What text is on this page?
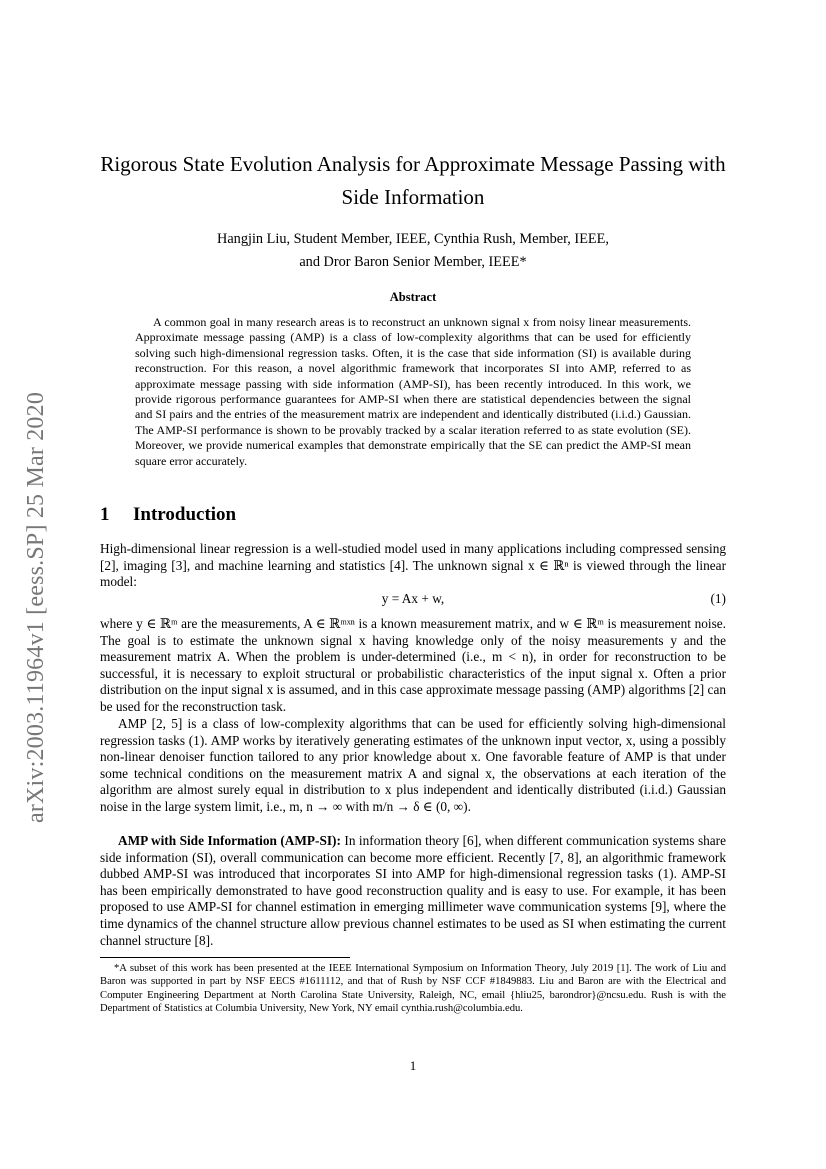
arXiv:2003.11964v1 [eess.SP] 25 Mar 2020
Rigorous State Evolution Analysis for Approximate Message Passing with Side Information
Hangjin Liu, Student Member, IEEE, Cynthia Rush, Member, IEEE,
and Dror Baron Senior Member, IEEE*
Abstract

A common goal in many research areas is to reconstruct an unknown signal x from noisy linear measurements. Approximate message passing (AMP) is a class of low-complexity algorithms that can be used for efficiently solving such high-dimensional regression tasks. Often, it is the case that side information (SI) is available during reconstruction. For this reason, a novel algorithmic framework that incorporates SI into AMP, referred to as approximate message passing with side information (AMP-SI), has been recently introduced. In this work, we provide rigorous performance guarantees for AMP-SI when there are statistical dependencies between the signal and SI pairs and the entries of the measurement matrix are independent and identically distributed (i.i.d.) Gaussian. The AMP-SI performance is shown to be provably tracked by a scalar iteration referred to as state evolution (SE). Moreover, we provide numerical examples that demonstrate empirically that the SE can predict the AMP-SI mean square error accurately.

1 Introduction

High-dimensional linear regression is a well-studied model used in many applications including compressed sensing [2], imaging [3], and machine learning and statistics [4]. The unknown signal x ∈ ℝⁿ is viewed through the linear model:

y = Ax + w,	(1)

where y ∈ ℝᵐ are the measurements, A ∈ ℝᵐˣⁿ is a known measurement matrix, and w ∈ ℝᵐ is measurement noise. The goal is to estimate the unknown signal x having knowledge only of the noisy measurements y and the measurement matrix A. When the problem is under-determined (i.e., m < n), in order for reconstruction to be successful, it is necessary to exploit structural or probabilistic characteristics of the input signal x. Often a prior distribution on the input signal x is assumed, and in this case approximate message passing (AMP) algorithms [2] can be used for the reconstruction task.

AMP [2, 5] is a class of low-complexity algorithms that can be used for efficiently solving high-dimensional regression tasks (1). AMP works by iteratively generating estimates of the unknown input vector, x, using a possibly non-linear denoiser function tailored to any prior knowledge about x. One favorable feature of AMP is that under some technical conditions on the measurement matrix A and signal x, the observations at each iteration of the algorithm are almost surely equal in distribution to x plus independent and identically distributed (i.i.d.) Gaussian noise in the large system limit, i.e., m, n → ∞ with m/n → δ ∈ (0, ∞).

AMP with Side Information (AMP-SI): In information theory [6], when different communication systems share side information (SI), overall communication can become more efficient. Recently [7, 8], an algorithmic framework dubbed AMP-SI was introduced that incorporates SI into AMP for high-dimensional regression tasks (1). AMP-SI has been empirically demonstrated to have good reconstruction quality and is easy to use. For example, it has been proposed to use AMP-SI for channel estimation in emerging millimeter wave communication systems [9], where the time dynamics of the channel structure allow previous channel estimates to be used as SI when estimating the current channel structure [8].

*A subset of this work has been presented at the IEEE International Symposium on Information Theory, July 2019 [1]. The work of Liu and Baron was supported in part by NSF EECS #1611112, and that of Rush by NSF CCF #1849883. Liu and Baron are with the Electrical and Computer Engineering Department at North Carolina State University, Raleigh, NC, email {hliu25, barondror}@ncsu.edu. Rush is with the Department of Statistics at Columbia University, New York, NY email cynthia.rush@columbia.edu.

1
